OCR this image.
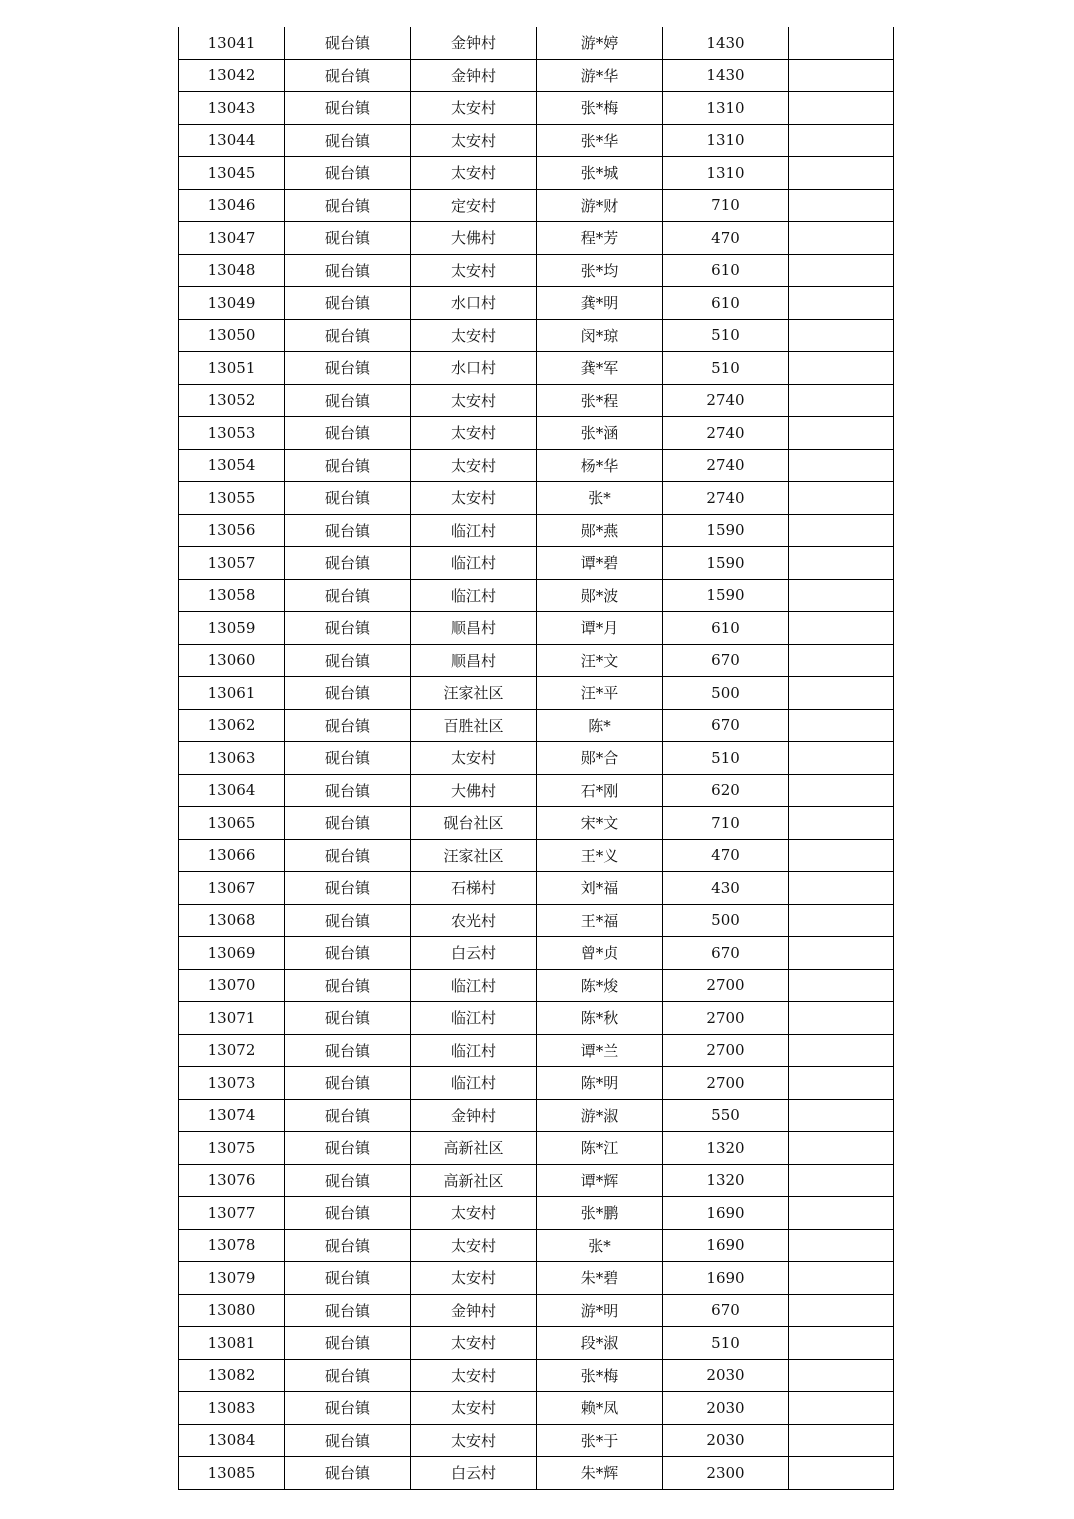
13041	砚台镇	金钟村	游*婷	1430	
13042	砚台镇	金钟村	游*华	1430	
13043	砚台镇	太安村	张*梅	1310	
13044	砚台镇	太安村	张*华	1310	
13045	砚台镇	太安村	张*城	1310	
13046	砚台镇	定安村	游*财	710	
13047	砚台镇	大佛村	程*芳	470	
13048	砚台镇	太安村	张*均	610	
13049	砚台镇	水口村	龚*明	610	
13050	砚台镇	太安村	闵*琼	510	
13051	砚台镇	水口村	龚*军	510	
13052	砚台镇	太安村	张*程	2740	
13053	砚台镇	太安村	张*涵	2740	
13054	砚台镇	太安村	杨*华	2740	
13055	砚台镇	太安村	张*	2740	
13056	砚台镇	临江村	郧*燕	1590	
13057	砚台镇	临江村	谭*碧	1590	
13058	砚台镇	临江村	郧*波	1590	
13059	砚台镇	顺昌村	谭*月	610	
13060	砚台镇	顺昌村	汪*文	670	
13061	砚台镇	汪家社区	汪*平	500	
13062	砚台镇	百胜社区	陈*	670	
13063	砚台镇	太安村	郧*合	510	
13064	砚台镇	大佛村	石*刚	620	
13065	砚台镇	砚台社区	宋*文	710	
13066	砚台镇	汪家社区	王*义	470	
13067	砚台镇	石梯村	刘*福	430	
13068	砚台镇	农光村	王*福	500	
13069	砚台镇	白云村	曾*贞	670	
13070	砚台镇	临江村	陈*焌	2700	
13071	砚台镇	临江村	陈*秋	2700	
13072	砚台镇	临江村	谭*兰	2700	
13073	砚台镇	临江村	陈*明	2700	
13074	砚台镇	金钟村	游*淑	550	
13075	砚台镇	高新社区	陈*江	1320	
13076	砚台镇	高新社区	谭*辉	1320	
13077	砚台镇	太安村	张*鹏	1690	
13078	砚台镇	太安村	张*	1690	
13079	砚台镇	太安村	朱*碧	1690	
13080	砚台镇	金钟村	游*明	670	
13081	砚台镇	太安村	段*淑	510	
13082	砚台镇	太安村	张*梅	2030	
13083	砚台镇	太安村	赖*凤	2030	
13084	砚台镇	太安村	张*于	2030	
13085	砚台镇	白云村	朱*辉	2300	
